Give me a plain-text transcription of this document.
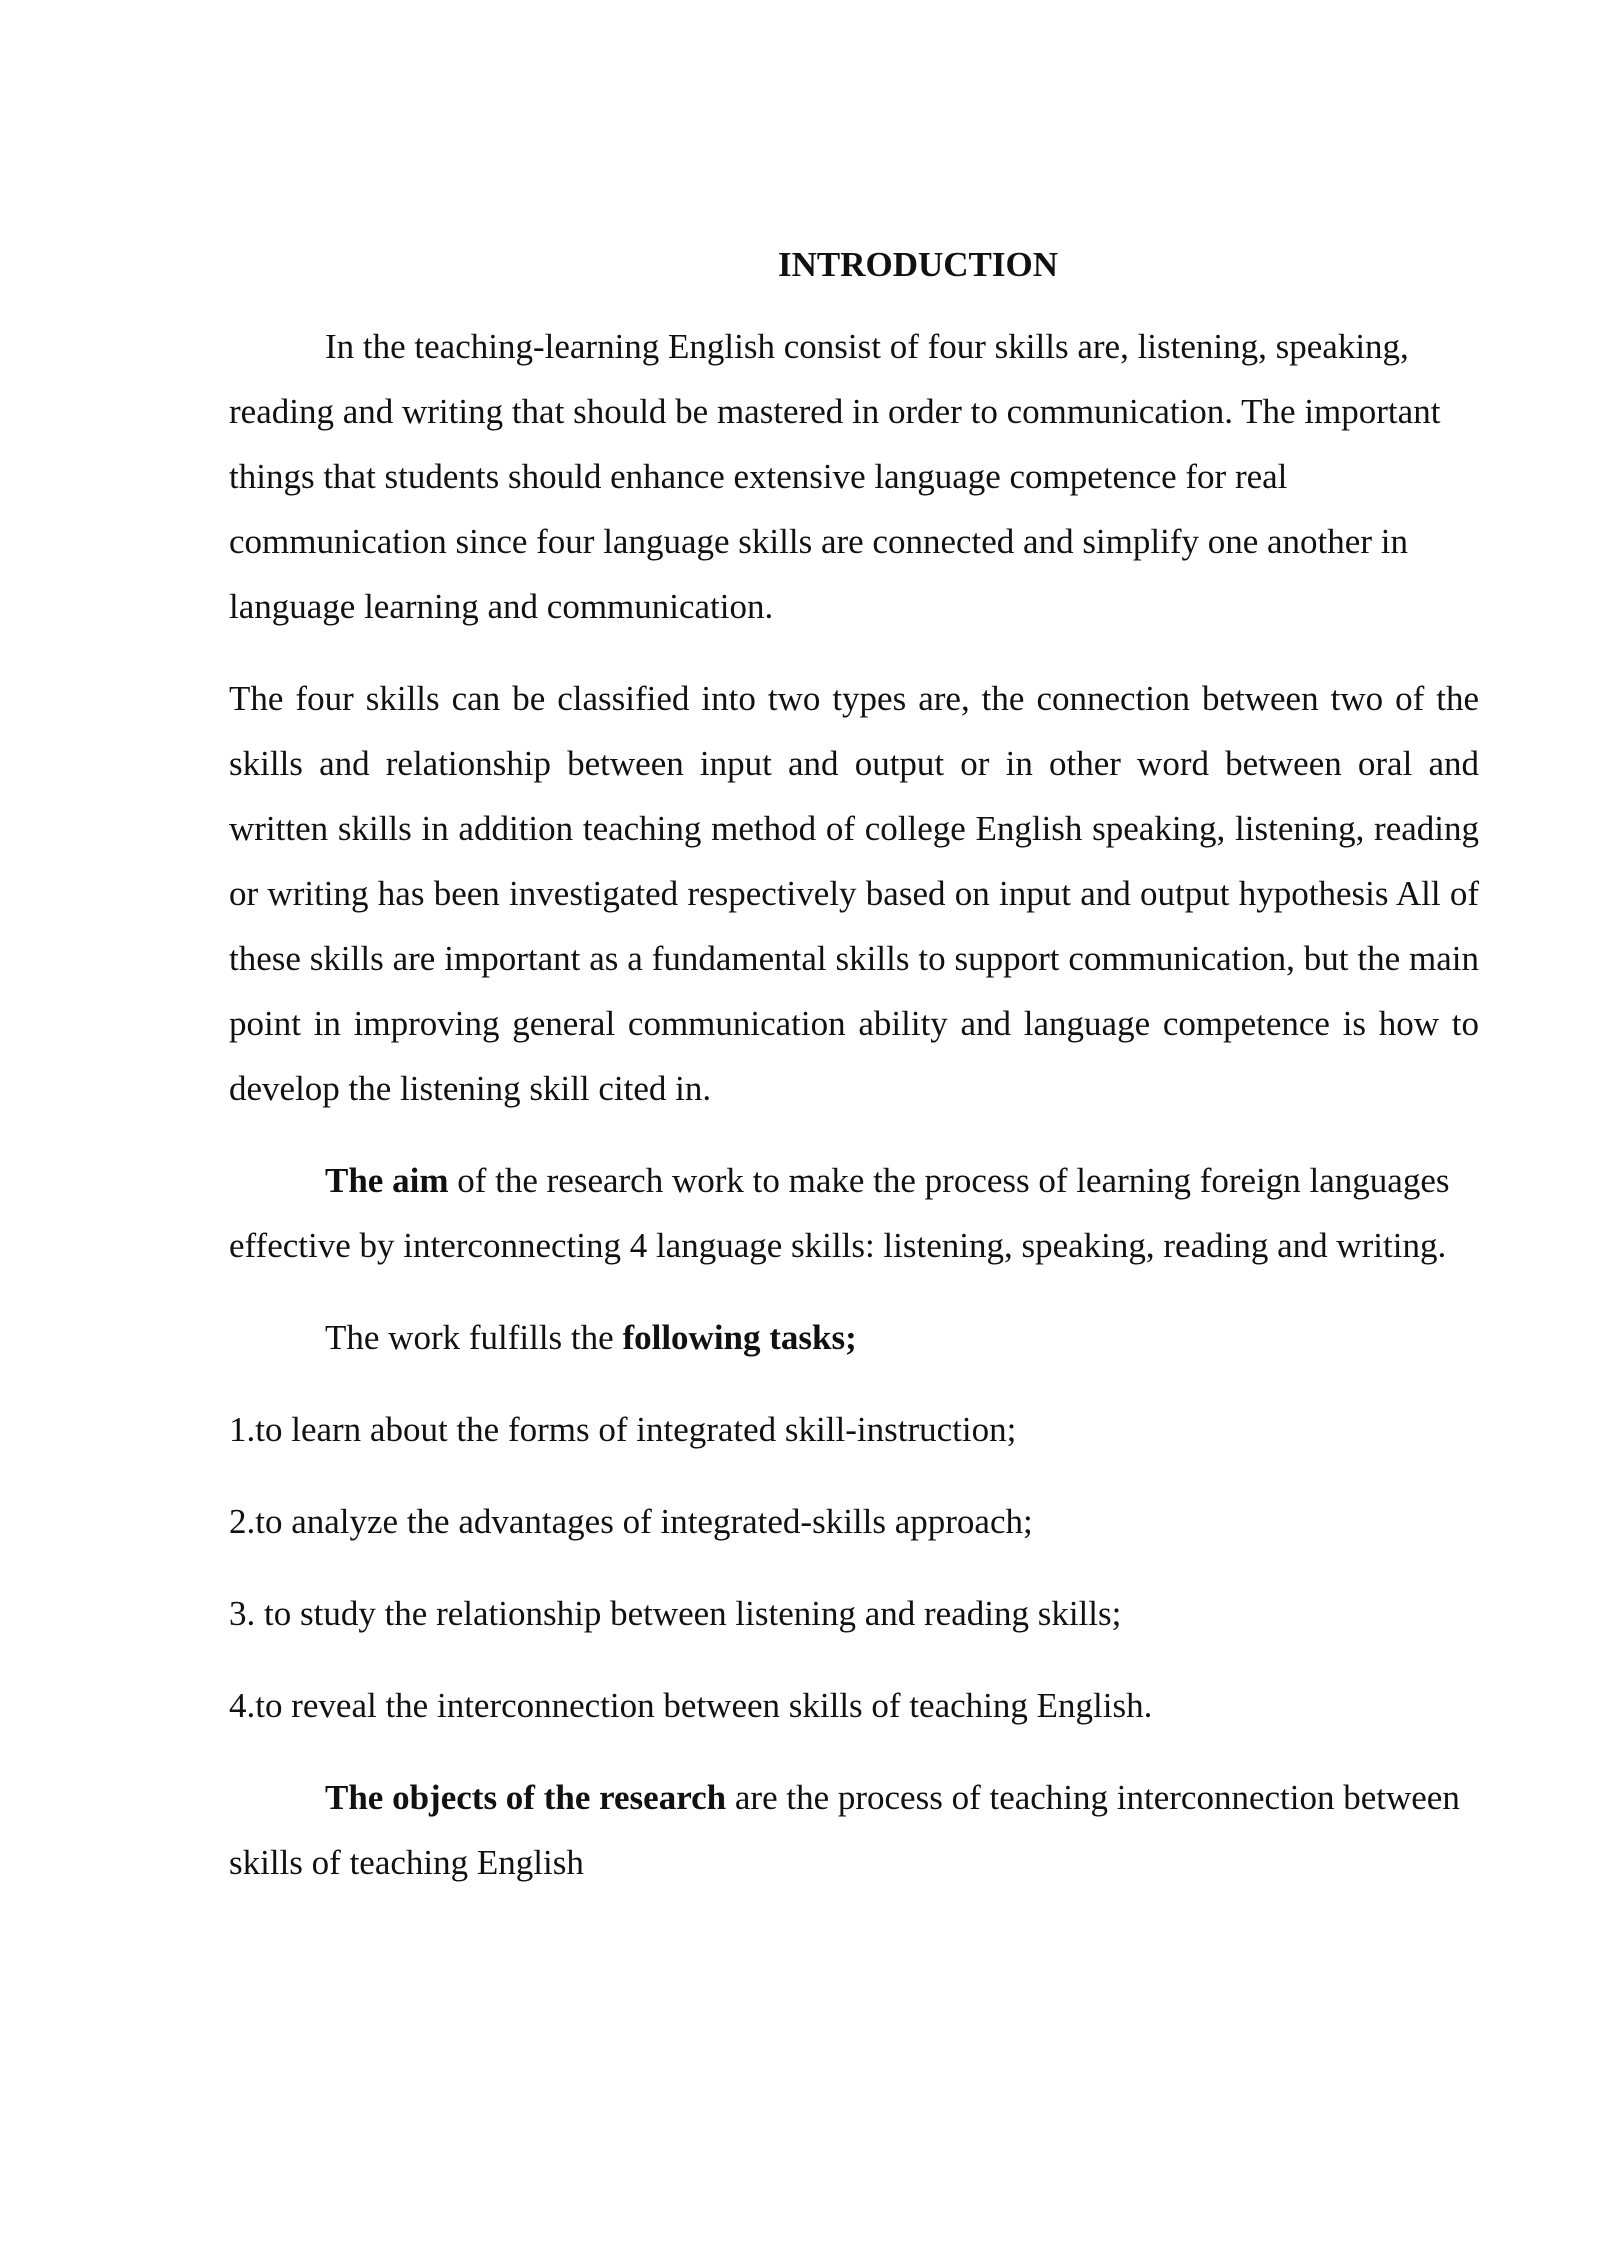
INTRODUCTION

In the teaching-learning English consist of four skills are, listening, speaking, reading and writing that should be mastered in order to communication. The important things that students should enhance extensive language competence for real communication since four language skills are connected and simplify one another in language learning and communication.

The four skills can be classified into two types are, the connection between two of the skills and relationship between input and output or in other word between oral and written skills in addition teaching method of college English speaking, listening, reading or writing has been investigated respectively based on input and output hypothesis All of these skills are important as a fundamental skills to support communication, but the main point in improving general communication ability and language competence is how to develop the listening skill cited in.

The aim of the research work to make the process of learning foreign languages effective by interconnecting 4 language skills: listening, speaking, reading and writing.

The work fulfills the following tasks;

1.to learn about the forms of integrated skill-instruction;

2.to analyze the advantages of integrated-skills approach;

3. to study the relationship between listening and reading skills;

4.to reveal the interconnection between skills of teaching English.

The objects of the research are the process of teaching interconnection between skills of teaching English
